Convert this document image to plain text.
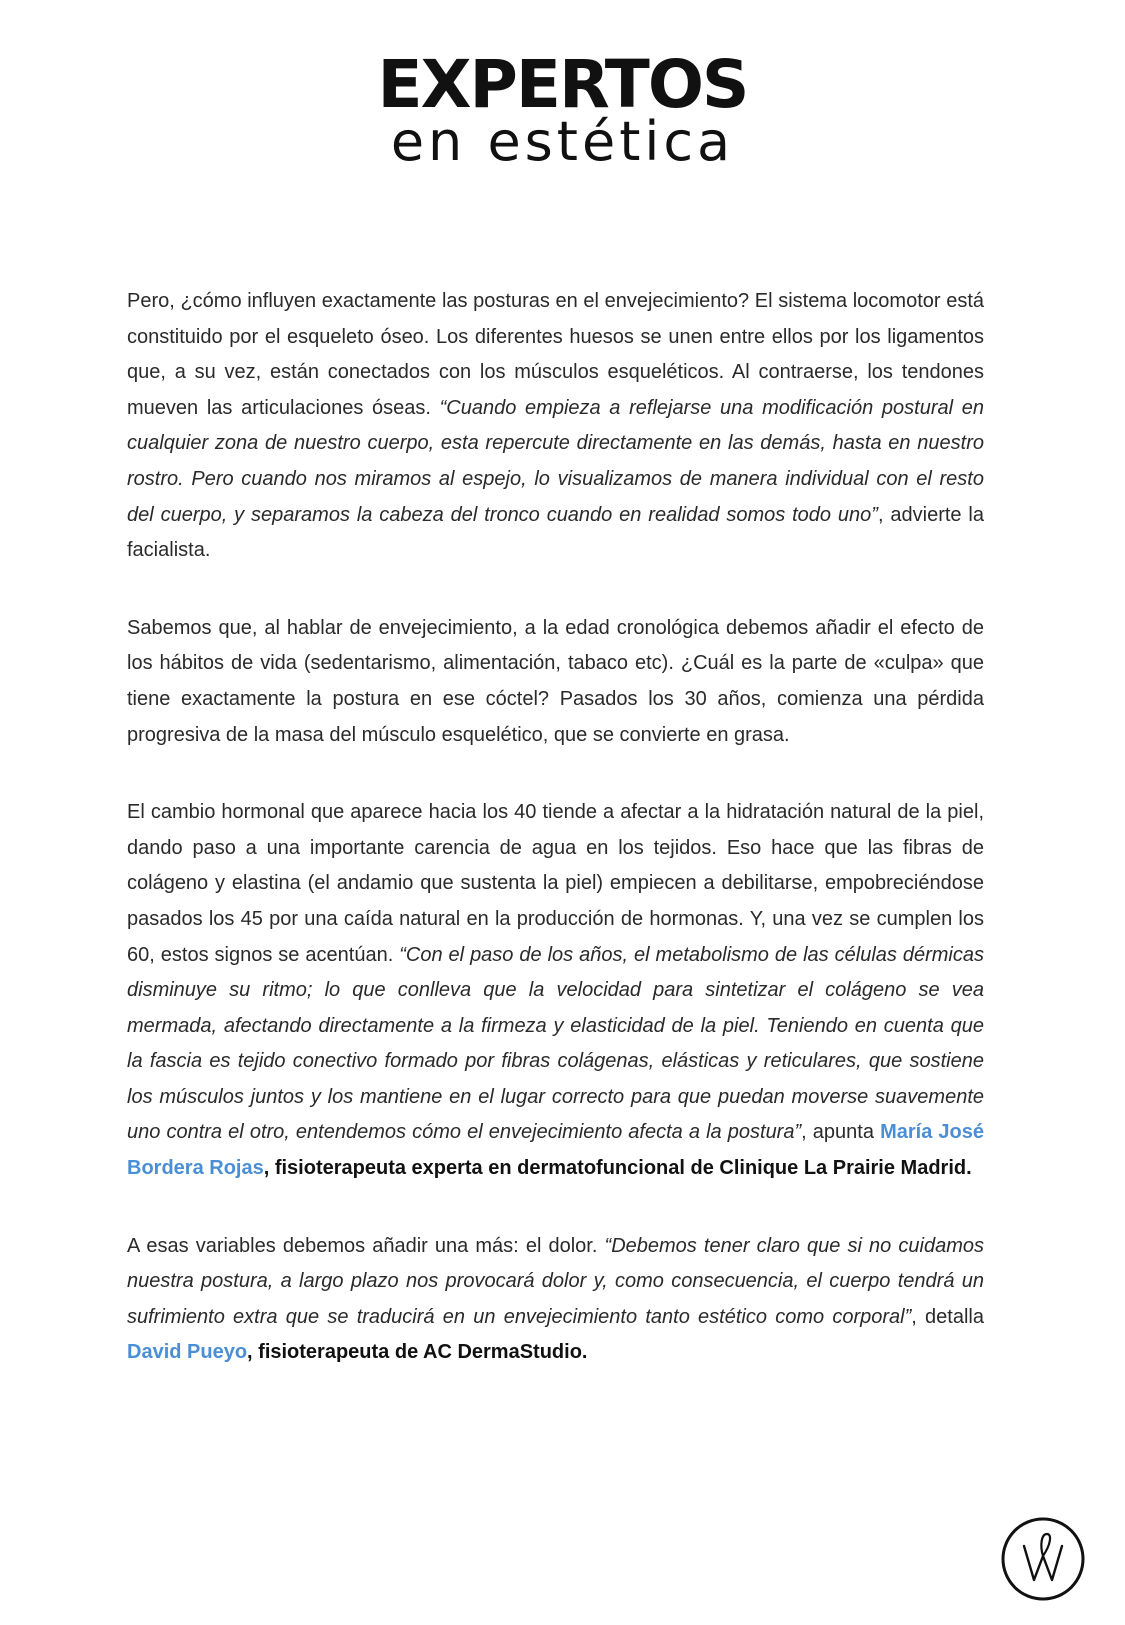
EXPERTOS
en estética

Pero, ¿cómo influyen exactamente las posturas en el envejecimiento? El sistema locomotor está constituido por el esqueleto óseo. Los diferentes huesos se unen entre ellos por los ligamentos que, a su vez, están conectados con los músculos esqueléticos. Al contraerse, los tendones mueven las articulaciones óseas. “Cuando empieza a reflejarse una modificación postural en cualquier zona de nuestro cuerpo, esta repercute directamente en las demás, hasta en nuestro rostro. Pero cuando nos miramos al espejo, lo visualizamos de manera individual con el resto del cuerpo, y separamos la cabeza del tronco cuando en realidad somos todo uno”, advierte la facialista.

Sabemos que, al hablar de envejecimiento, a la edad cronológica debemos añadir el efecto de los hábitos de vida (sedentarismo, alimentación, tabaco etc). ¿Cuál es la parte de «culpa» que tiene exactamente la postura en ese cóctel? Pasados los 30 años, comienza una pérdida progresiva de la masa del músculo esquelético, que se convierte en grasa.

El cambio hormonal que aparece hacia los 40 tiende a afectar a la hidratación natural de la piel, dando paso a una importante carencia de agua en los tejidos. Eso hace que las fibras de colágeno y elastina (el andamio que sustenta la piel) empiecen a debilitarse, empobreciéndose pasados los 45 por una caída natural en la producción de hormonas. Y, una vez se cumplen los 60, estos signos se acentúan. “Con el paso de los años, el metabolismo de las células dérmicas disminuye su ritmo; lo que conlleva que la velocidad para sintetizar el colágeno se vea mermada, afectando directamente a la firmeza y elasticidad de la piel. Teniendo en cuenta que la fascia es tejido conectivo formado por fibras colágenas, elásticas y reticulares, que sostiene los músculos juntos y los mantiene en el lugar correcto para que puedan moverse suavemente uno contra el otro, entendemos cómo el envejecimiento afecta a la postura”, apunta María José Bordera Rojas, fisioterapeuta experta en dermatofuncional de Clinique La Prairie Madrid.

A esas variables debemos añadir una más: el dolor. “Debemos tener claro que si no cuidamos nuestra postura, a largo plazo nos provocará dolor y, como consecuencia, el cuerpo tendrá un sufrimiento extra que se traducirá en un envejecimiento tanto estético como corporal”, detalla David Pueyo, fisioterapeuta de AC DermaStudio.
